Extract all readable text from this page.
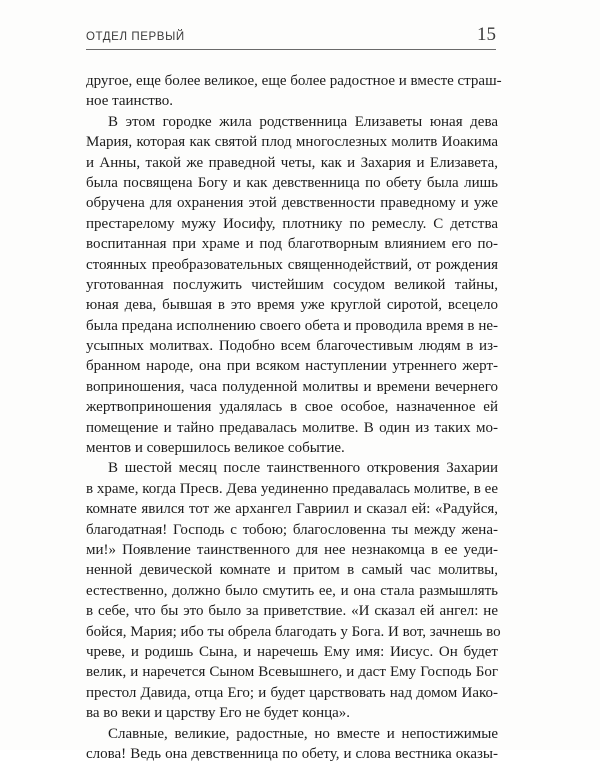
ОТДЕЛ ПЕРВЫЙ	15
другое, еще более великое, еще более радостное и вместе страш-
ное таинство.
В этом городке жила родственница Елизаветы юная дева
Мария, которая как святой плод многослезных молитв Иоакима
и Анны, такой же праведной четы, как и Захария и Елизавета,
была посвящена Богу и как девственница по обету была лишь
обручена для охранения этой девственности праведному и уже
престарелому мужу Иосифу, плотнику по ремеслу. С детства
воспитанная при храме и под благотворным влиянием его по-
стоянных преобразовательных священнодействий, от рождения
уготованная послужить чистейшим сосудом великой тайны,
юная дева, бывшая в это время уже круглой сиротой, всецело
была предана исполнению своего обета и проводила время в не-
усыпных молитвах. Подобно всем благочестивым людям в из-
бранном народе, она при всяком наступлении утреннего жерт-
воприношения, часа полуденной молитвы и времени вечернего
жертвоприношения удалялась в свое особое, назначенное ей
помещение и тайно предавалась молитве. В один из таких мо-
ментов и совершилось великое событие.
В шестой месяц после таинственного откровения Захарии
в храме, когда Пресв. Дева уединенно предавалась молитве, в ее
комнате явился тот же архангел Гавриил и сказал ей: «Радуйся,
благодатная! Господь с тобою; благословенна ты между жена-
ми!» Появление таинственного для нее незнакомца в ее уеди-
ненной девической комнате и притом в самый час молитвы,
естественно, должно было смутить ее, и она стала размышлять
в себе, что бы это было за приветствие. «И сказал ей ангел: не
бойся, Мария; ибо ты обрела благодать у Бога. И вот, зачнешь во
чреве, и родишь Сына, и наречешь Ему имя: Иисус. Он будет
велик, и наречется Сыном Всевышнего, и даст Ему Господь Бог
престол Давида, отца Его; и будет царствовать над домом Иако-
ва во веки и царству Его не будет конца».
Славные, великие, радостные, но вместе и непостижимые
слова! Ведь она девственница по обету, и слова вестника оказы-
